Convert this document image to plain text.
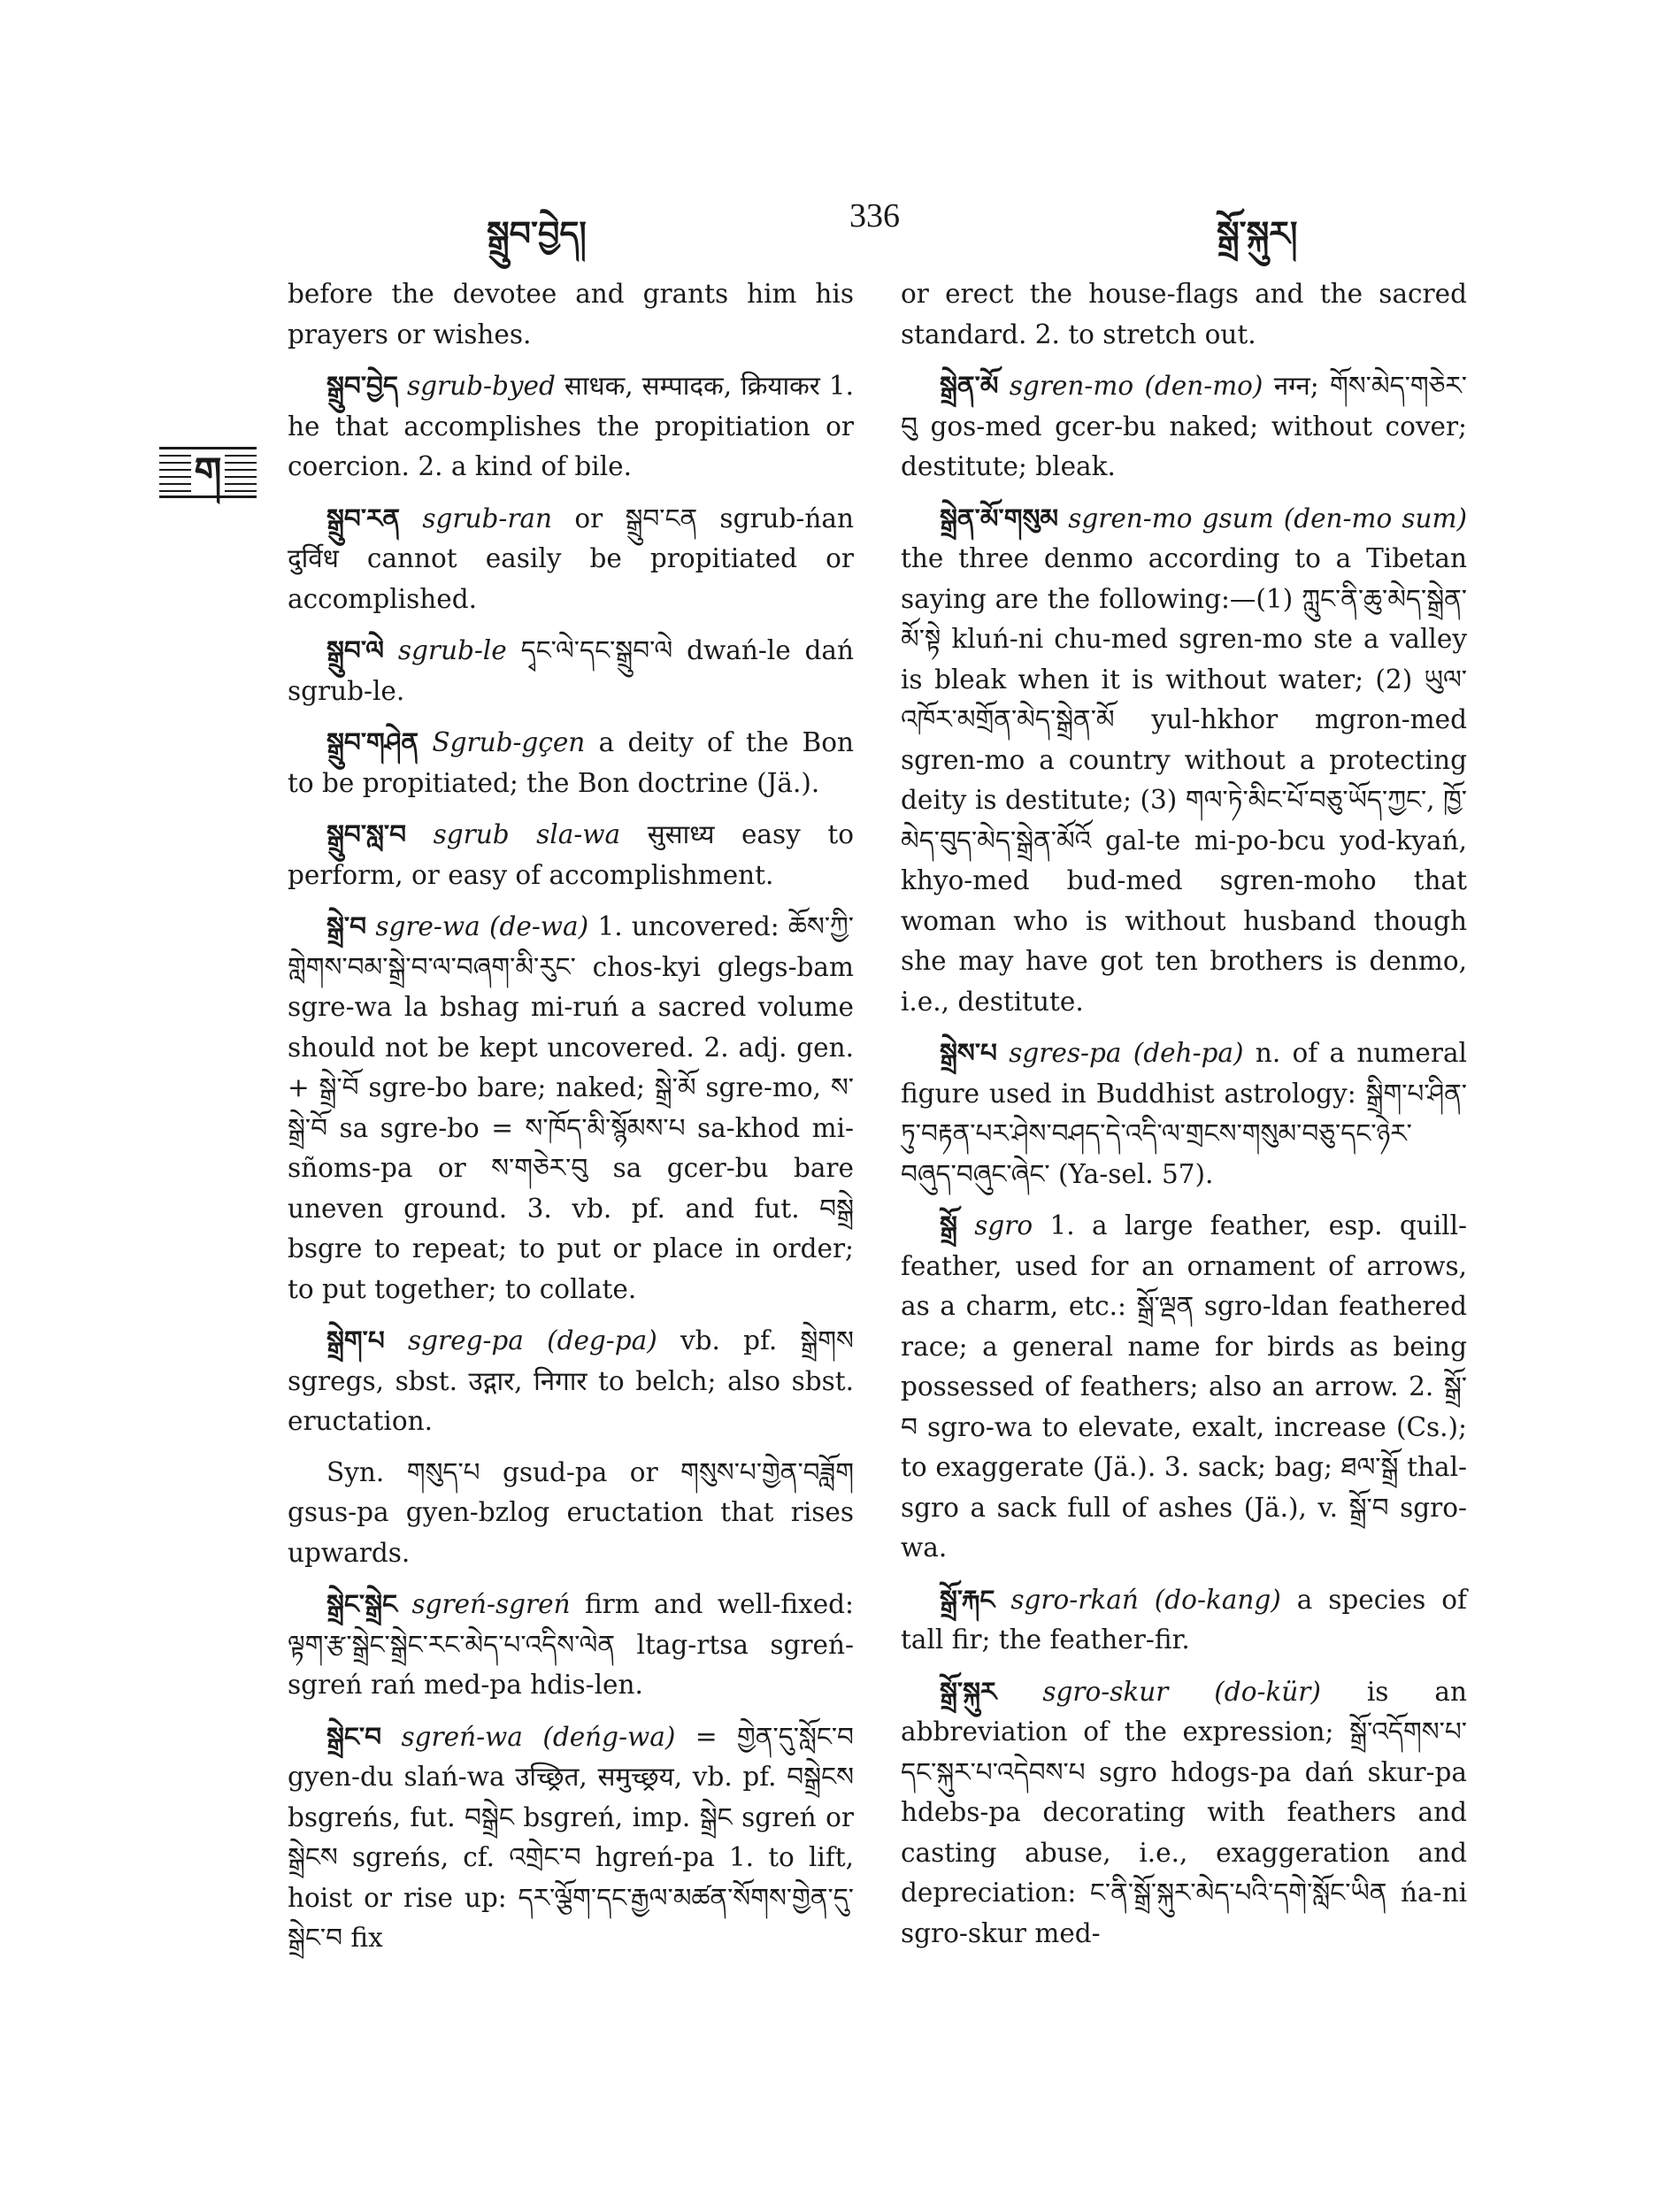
སྒྲུབ་བྱེད།	336	སྒྲོ་སྐུར།
ག

before the devotee and grants him his prayers or wishes.

སྒྲུབ་བྱེད sgrub-byed साधक, सम्पादक, क्रियाकर 1. he that accomplishes the propitiation or coercion. 2. a kind of bile.

སྒྲུབ་རན sgrub-ran or སྒྲུབ་ངན sgrub-ńan दुर्विध cannot easily be propitiated or accomplished.

སྒྲུབ་ལེ sgrub-le དྭང་ལེ་དང་སྒྲུབ་ལེ dwań-le dań sgrub-le.

སྒྲུབ་གཤེན Sgrub-gçen a deity of the Bon to be propitiated; the Bon doctrine (Jä.).

སྒྲུབ་སླ་བ sgrub sla-wa सुसाध्य easy to perform, or easy of accomplishment.

སྒྲེ་བ sgre-wa (de-wa) 1. uncovered: ཆོས་ཀྱི་གླེགས་བམ་སྒྲེ་བ་ལ་བཞག་མི་རུང་ chos-kyi glegs-bam sgre-wa la bshag mi-ruń a sacred volume should not be kept uncovered. 2. adj. gen. + སྒྲེ་བོ sgre-bo bare; naked; སྒྲེ་མོ sgre-mo, ས་སྒྲེ་བོ sa sgre-bo = ས་ཁོད་མི་སྙོམས་པ sa-khod mi-sñoms-pa or ས་གཅེར་བུ sa gcer-bu bare uneven ground. 3. vb. pf. and fut. བསྒྲེ bsgre to repeat; to put or place in order; to put together; to collate.

སྒྲེག་པ sgreg-pa (deg-pa) vb. pf. སྒྲེགས sgregs, sbst. उद्गार, निगार to belch; also sbst. eructation.

Syn. གསུད་པ gsud-pa or གསུས་པ་གྱེན་བཟློག gsus-pa gyen-bzlog eructation that rises upwards.

སྒྲེང་སྒྲེང sgreń-sgreń firm and well-fixed: ལྟག་རྩ་སྒྲེང་སྒྲེང་རང་མེད་པ་འདིས་ལེན ltag-rtsa sgreń-sgreń rań med-pa hdis-len.

སྒྲེང་བ sgreń-wa (deńg-wa) = གྱེན་དུ་སློང་བ gyen-du slań-wa उच्छ्रित, समुच्छ्रय, vb. pf. བསྒྲེངས bsgreńs, fut. བསྒྲེང bsgreń, imp. སྒྲེང sgreń or སྒྲེངས sgreńs, cf. འགྲེང་བ hgreń-pa 1. to lift, hoist or rise up: དར་ལྕོག་དང་རྒྱལ་མཚན་སོགས་གྱེན་དུ་སྒྲེང་བ fix

or erect the house-flags and the sacred standard. 2. to stretch out.

སྒྲེན་མོ sgren-mo (den-mo) नग्न; གོས་མེད་གཅེར་བུ gos-med gcer-bu naked; without cover; destitute; bleak.

སྒྲེན་མོ་གསུམ sgren-mo gsum (den-mo sum) the three denmo according to a Tibetan saying are the following:—(1) ཀླུང་ནི་ཆུ་མེད་སྒྲེན་མོ་སྟེ kluń-ni chu-med sgren-mo ste a valley is bleak when it is without water; (2) ཡུལ་འཁོར་མགྲོན་མེད་སྒྲེན་མོ yul-hkhor mgron-med sgren-mo a country without a protecting deity is destitute; (3) གལ་ཏེ་མིང་པོ་བཅུ་ཡོད་ཀྱང་, ཁྱོ་མེད་བུད་མེད་སྒྲེན་མོའོ gal-te mi-po-bcu yod-kyań, khyo-med bud-med sgren-moho that woman who is without husband though she may have got ten brothers is denmo, i.e., destitute.

སྒྲེས་པ sgres-pa (deh-pa) n. of a numeral figure used in Buddhist astrology: སྒྲིག་པ་ཤིན་ཏུ་བརྟན་པར་ཤེས་བཤད་དེ་འདི་ལ་གྲངས་གསུམ་བཅུ་དང་ཉེར་བཞུད་བཞུང་ཞེང་ (Ya-sel. 57).

སྒྲོ sgro 1. a large feather, esp. quill-feather, used for an ornament of arrows, as a charm, etc.: སྒྲོ་ལྡན sgro-ldan feathered race; a general name for birds as being possessed of feathers; also an arrow. 2. སྒྲོ་བ sgro-wa to elevate, exalt, increase (Cs.); to exaggerate (Jä.). 3. sack; bag; ཐལ་སྒྲོ thal-sgro a sack full of ashes (Jä.), v. སྒྲོ་བ sgro-wa.

སྒྲོ་རྐང sgro-rkań (do-kang) a species of tall fir; the feather-fir.

སྒྲོ་སྐུར sgro-skur (do-kür) is an abbreviation of the expression; སྒྲོ་འདོགས་པ་དང་སྐུར་པ་འདེབས་པ sgro hdogs-pa dań skur-pa hdebs-pa decorating with feathers and casting abuse, i.e., exaggeration and depreciation: ང་ནི་སྒྲོ་སྐུར་མེད་པའི་དགེ་སློང་ཡིན ńa-ni sgro-skur med-
